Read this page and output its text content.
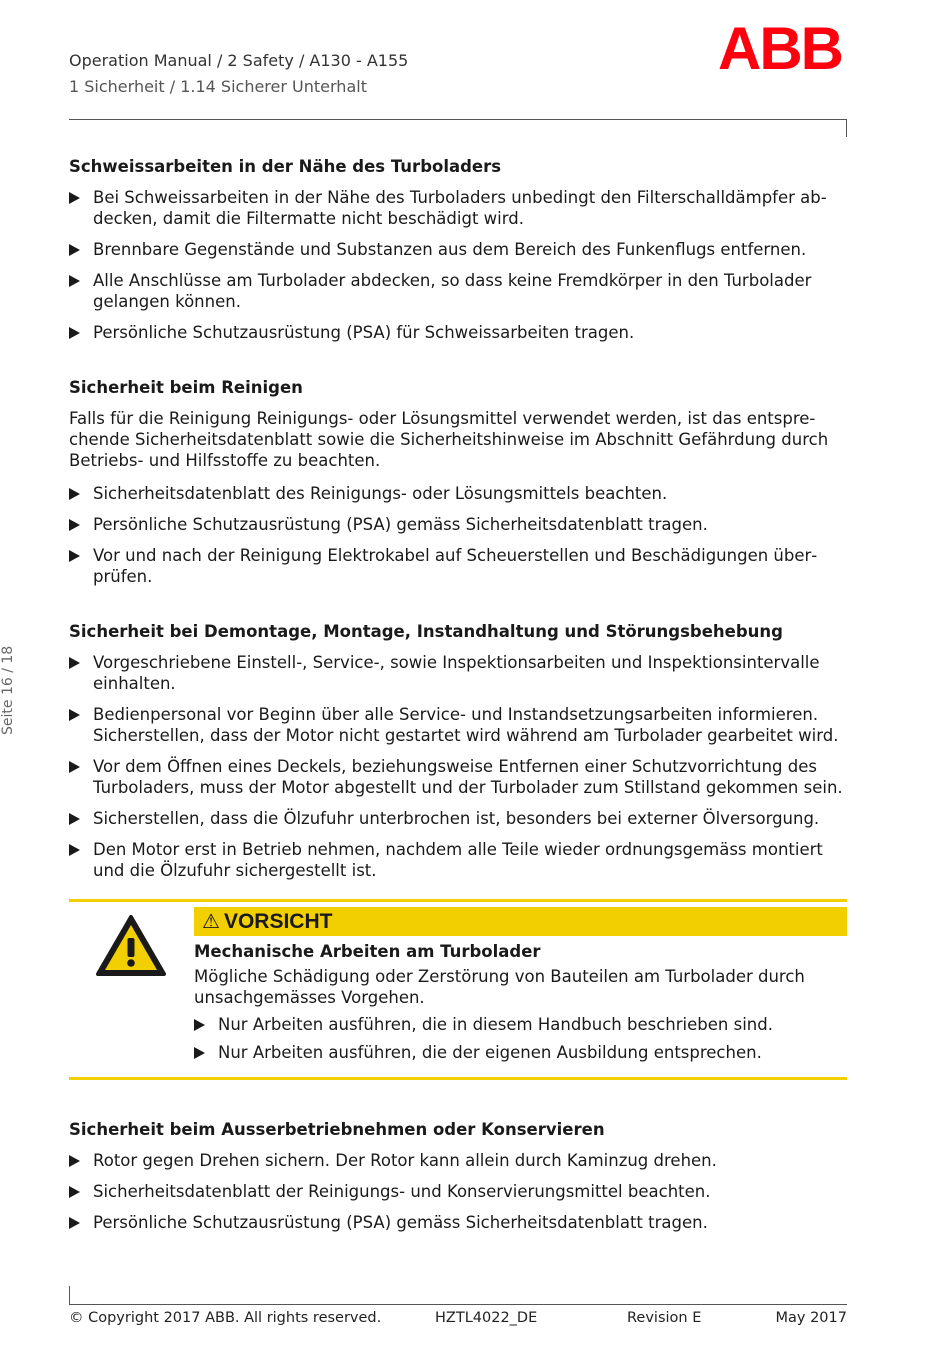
Operation Manual / 2 Safety / A130 - A155
1 Sicherheit / 1.14 Sicherer Unterhalt
ABB
Seite 16 / 18
Schweissarbeiten in der Nähe des Turboladers
Bei Schweissarbeiten in der Nähe des Turboladers unbedingt den Filterschalldämpfer abdecken, damit die Filtermatte nicht beschädigt wird.
Brennbare Gegenstände und Substanzen aus dem Bereich des Funkenflugs entfernen.
Alle Anschlüsse am Turbolader abdecken, so dass keine Fremdkörper in den Turbolader gelangen können.
Persönliche Schutzausrüstung (PSA) für Schweissarbeiten tragen.
Sicherheit beim Reinigen

Falls für die Reinigung Reinigungs- oder Lösungsmittel verwendet werden, ist das entsprechende Sicherheitsdatenblatt sowie die Sicherheitshinweise im Abschnitt Gefährdung durch Betriebs- und Hilfsstoffe zu beachten.

Sicherheitsdatenblatt des Reinigungs- oder Lösungsmittels beachten.
Persönliche Schutzausrüstung (PSA) gemäss Sicherheitsdatenblatt tragen.
Vor und nach der Reinigung Elektrokabel auf Scheuerstellen und Beschädigungen überprüfen.
Sicherheit bei Demontage, Montage, Instandhaltung und Störungsbehebung
Vorgeschriebene Einstell-, Service-, sowie Inspektionsarbeiten und Inspektionsintervalle einhalten.
Bedienpersonal vor Beginn über alle Service- und Instandsetzungsarbeiten informieren. Sicherstellen, dass der Motor nicht gestartet wird während am Turbolader gearbeitet wird.
Vor dem Öffnen eines Deckels, beziehungsweise Entfernen einer Schutzvorrichtung des Turboladers, muss der Motor abgestellt und der Turbolader zum Stillstand gekommen sein.
Sicherstellen, dass die Ölzufuhr unterbrochen ist, besonders bei externer Ölversorgung.
Den Motor erst in Betrieb nehmen, nachdem alle Teile wieder ordnungsgemäss montiert und die Ölzufuhr sichergestellt ist.
⚠ VORSICHT
Mechanische Arbeiten am Turbolader

Mögliche Schädigung oder Zerstörung von Bauteilen am Turbolader durch unsachgemässes Vorgehen.

Nur Arbeiten ausführen, die in diesem Handbuch beschrieben sind.
Nur Arbeiten ausführen, die der eigenen Ausbildung entsprechen.
Sicherheit beim Ausserbetriebnehmen oder Konservieren
Rotor gegen Drehen sichern. Der Rotor kann allein durch Kaminzug drehen.
Sicherheitsdatenblatt der Reinigungs- und Konservierungsmittel beachten.
Persönliche Schutzausrüstung (PSA) gemäss Sicherheitsdatenblatt tragen.
© Copyright 2017 ABB. All rights reserved.	HZTL4022_DE	Revision E	May 2017
